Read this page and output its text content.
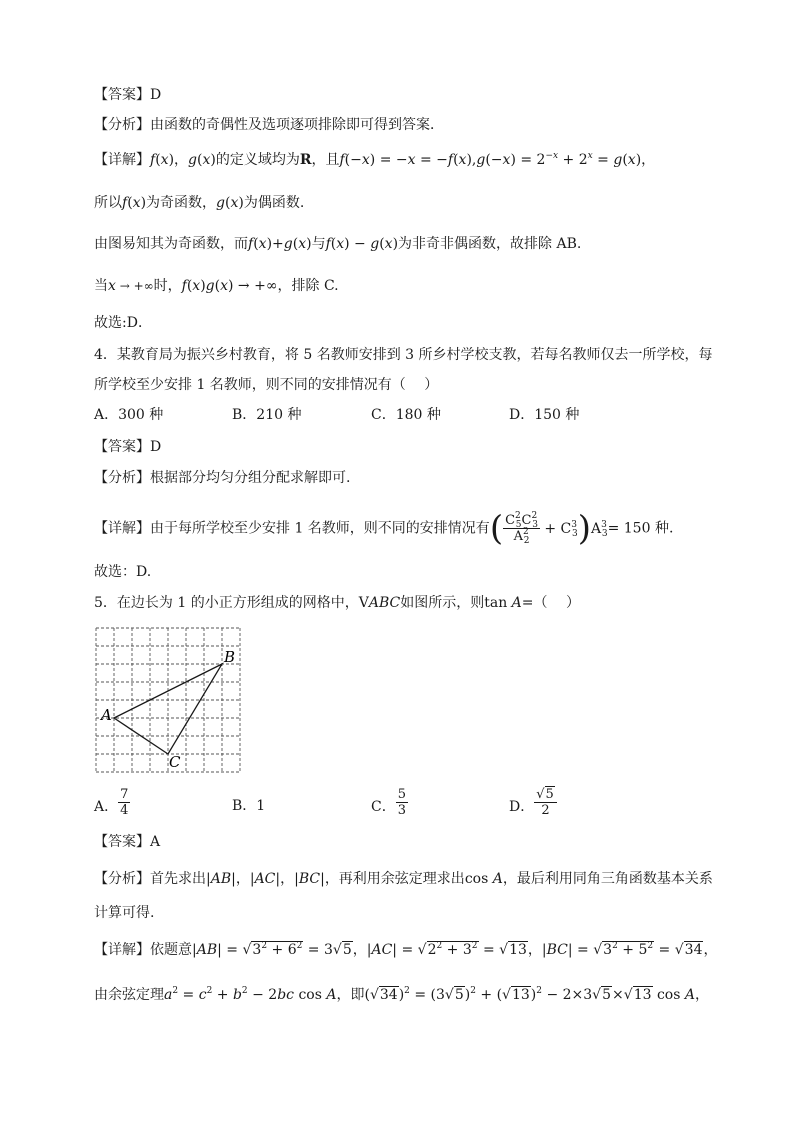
【答案】D
【分析】由函数的奇偶性及选项逐项排除即可得到答案．
【详解】f(x)，g(x)的定义域均为R，且$f(-x) = -x = -f(x),g(-x) = 2^{-x} + 2^x = g(x)$，
所以f(x)为奇函数，g(x)为偶函数.
由图易知其为奇函数，而f(x)+g(x)与f(x) − g(x)为非奇非偶函数，故排除 AB.
当x → +∞时，f(x)g(x) → +∞，排除 C.
故选:D．
4．某教育局为振兴乡村教育，将 5 名教师安排到 3 所乡村学校支教，若每名教师仅去一所学校，每
所学校至少安排 1 名教师，则不同的安排情况有（　 ）
A．300 种	B．210 种	C．180 种	D．150 种
【答案】D
【分析】根据部分均匀分组分配求解即可.
【详解】由于每所学校至少安排 1 名教师，则不同的安排情况有( $\frac{C^2_5C^2_3}{A^2_2} + C^3_3)A^3_3= 150$ 种.
故选：D.
5．在边长为 1 的小正方形组成的网格中，VABC如图所示，则tan A=（　 ）
A
B
C
A． $\frac{7}{4}$	B．1	C． $\frac{5}{3}$	D． $\frac{√5}{2}$
【答案】A
【分析】首先求出|AB|，|AC|，|BC|，再利用余弦定理求出cos A，最后利用同角三角函数基本关系
计算可得.
【详解】依题意$|AB| = √3^2 + 6^2 = 3√5$，$|AC| = √2^2 + 3^2 = √13$，$|BC| = √3^2 + 5^2 = √34$，
由余弦定理$a^2 = c^2 + b^2 - 2bc$ cos A，即$(√34)^2 = (3√5)^2 + (√13)^2 - 2\times 3√5\times√13$ cos A，
